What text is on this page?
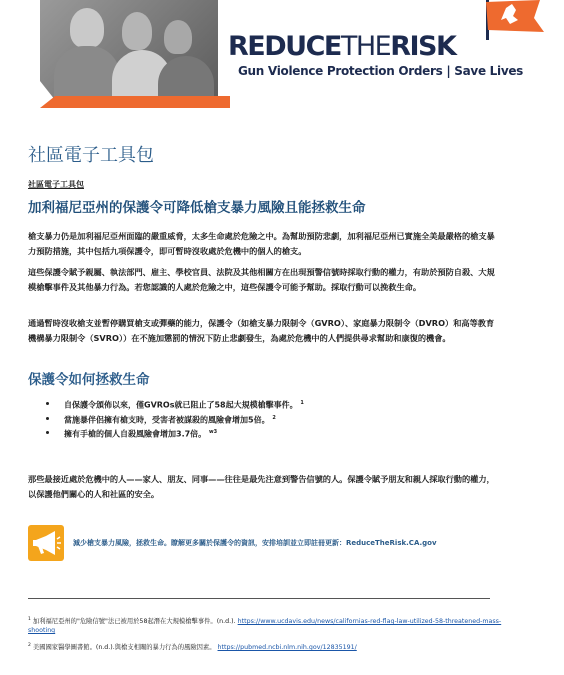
REDUCETHERISK
Gun Violence Protection Orders | Save Lives
社區電子工具包
社區電子工具包
加利福尼亞州的保護令可降低槍支暴力風險且能拯救生命
槍支暴力仍是加利福尼亞州面臨的嚴重威脅，太多生命處於危險之中。為幫助預防悲劇，加利福尼亞州已實施全美最嚴格的槍支暴力預防措施，其中包括九項保護令，即可暫時沒收處於危機中的個人的槍支。
這些保護令賦予親屬、執法部門、雇主、學校官員、法院及其他相關方在出現預警信號時採取行動的權力，有助於預防自殺、大規模槍擊事件及其他暴力行為。若您認識的人處於危險之中，這些保護令可能予幫助。採取行動可以挽救生命。
通過暫時沒收槍支並暫停購買槍支或彈藥的能力，保護令（如槍支暴力限制令（GVRO）、家庭暴力限制令（DVRO）和高等教育機構暴力限制令（SVRO））在不施加懲罰的情況下防止悲劇發生，為處於危機中的人們提供尋求幫助和康復的機會。
保護令如何拯救生命
自保護令頒佈以來，僅GVROs就已阻止了58起大規模槍擊事件。 $^1$
當施暴伴侶擁有槍支時，受害者被謀殺的風險會增加5倍。 $^2$
擁有手槍的個人自殺風險會增加3.7倍。 $^{w3}$
那些最接近處於危機中的人——家人、朋友、同事——往往是最先注意到警告信號的人。保護令賦予朋友和親人採取行動的權力，以保護他們關心的人和社區的安全。
減少槍支暴力風險，拯救生命。瞭解更多關於保護令的資訊，安排培訓並立即註冊更新：ReduceTheRisk.CA.gov
$^1$ 加利福尼亞州的"危險信號"法已被用於58起潛在大規模槍擊事件。(n.d.). https://www.ucdavis.edu/news/californias-red-flag-law-utilized-58-threatened-mass-shooting
$^2$ 美國國家醫學圖書館。(n.d.).與槍支相關的暴力行為的風險因素。 https://pubmed.ncbi.nlm.nih.gov/12835191/
